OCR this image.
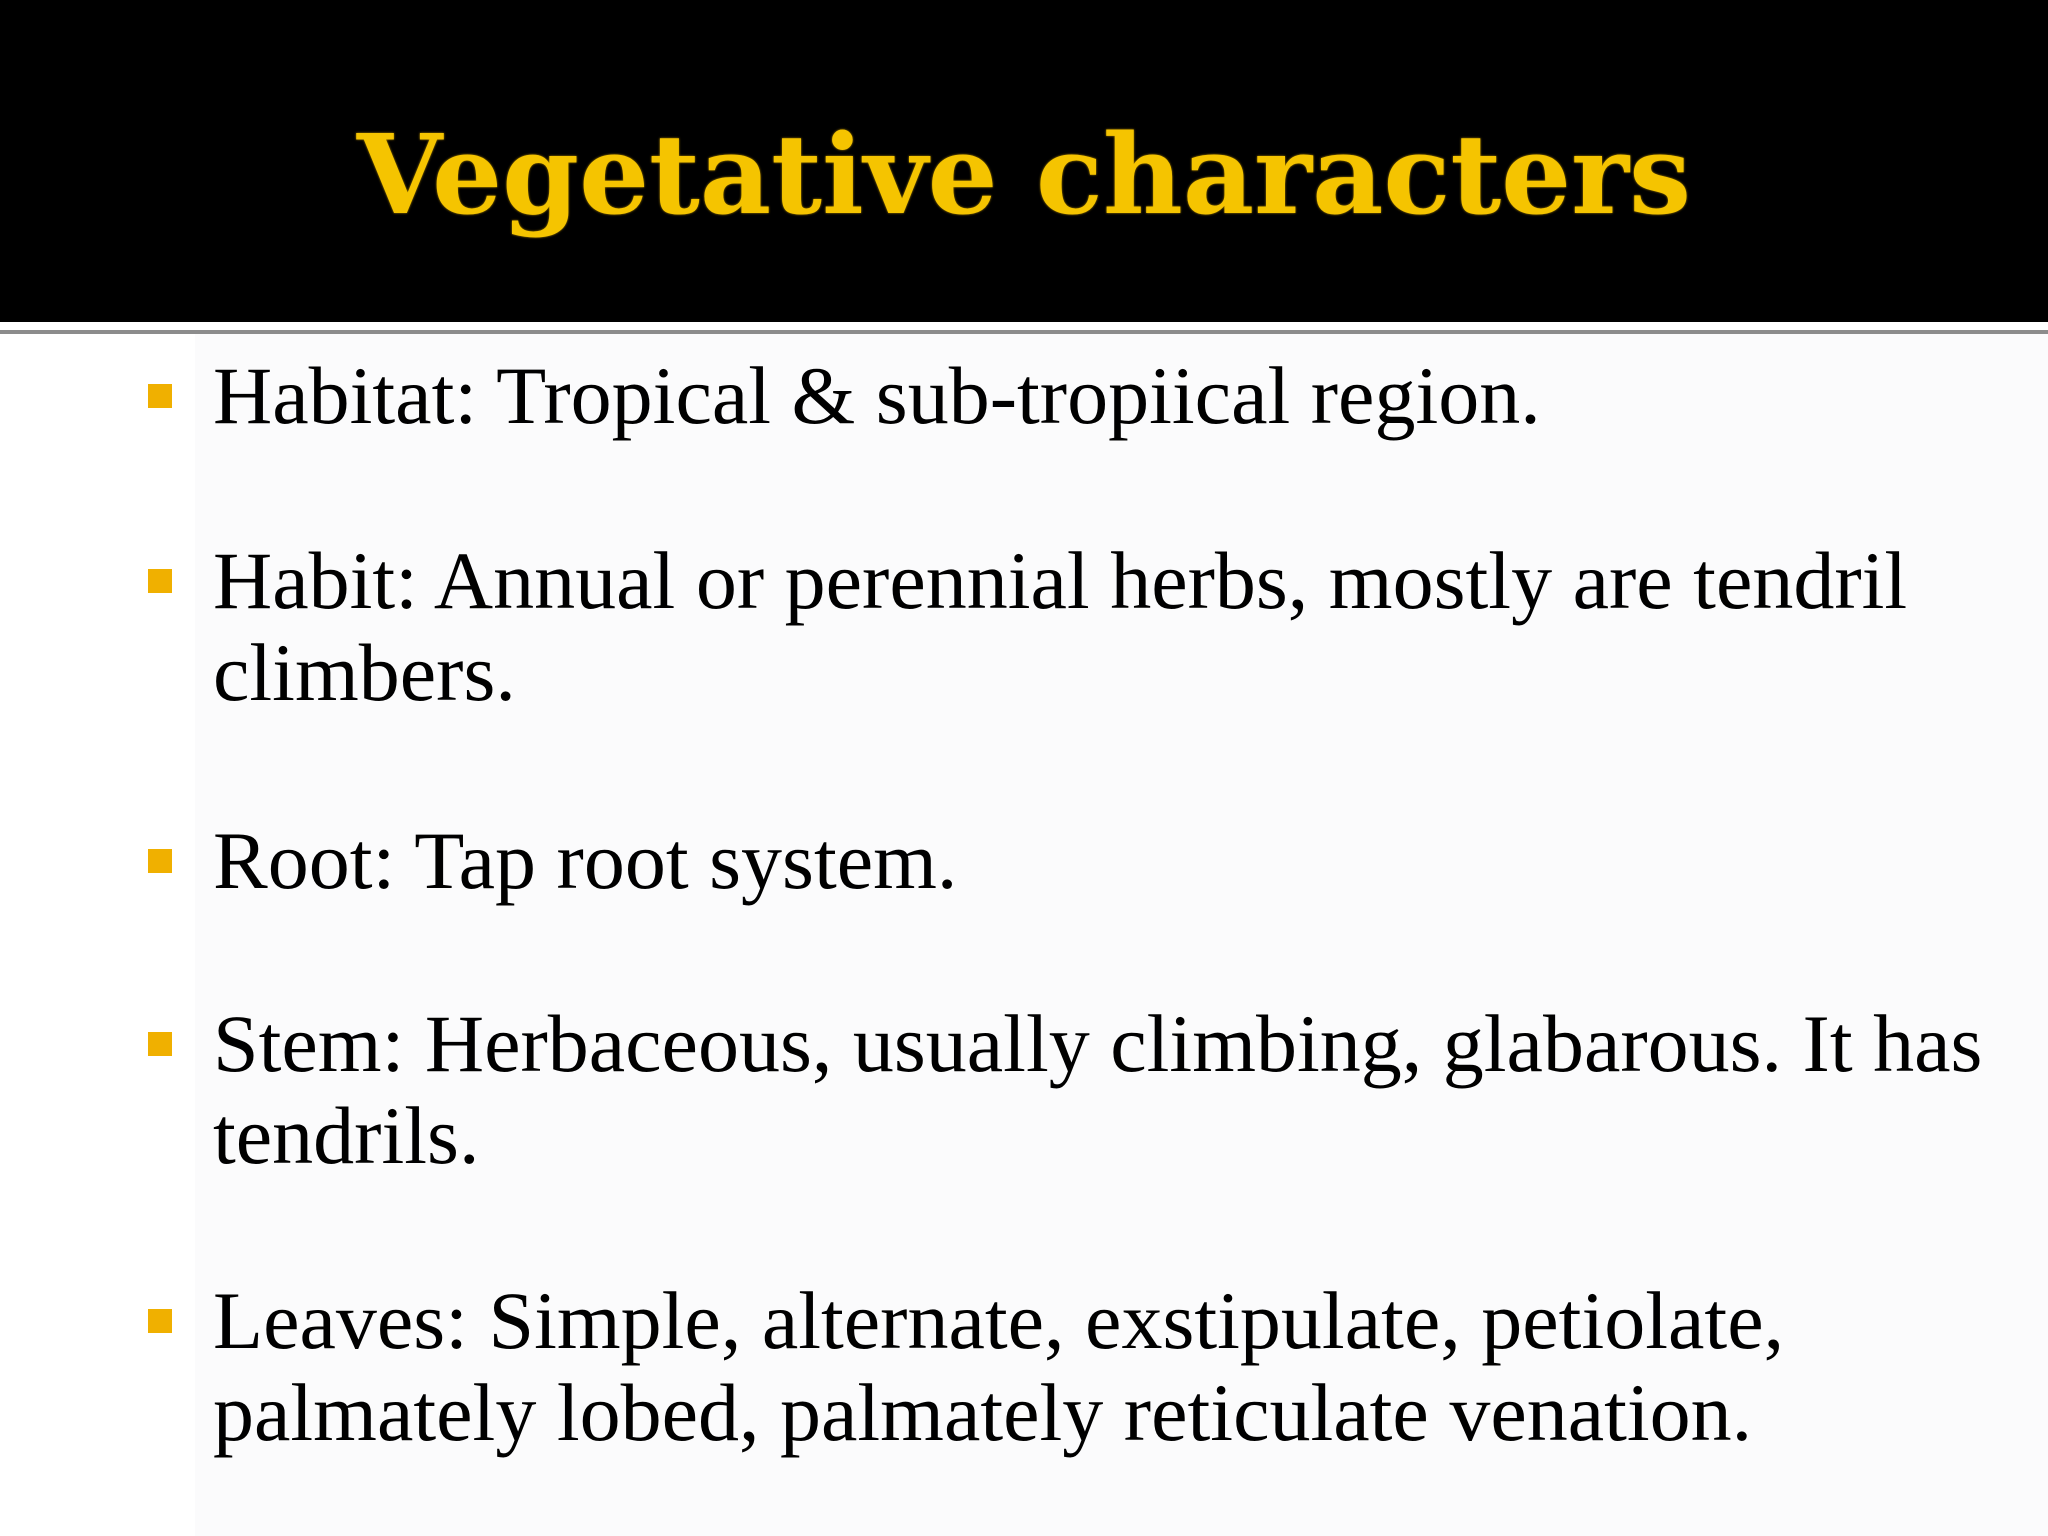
Vegetative characters
Habitat: Tropical & sub-tropiical region.
Habit: Annual or perennial herbs, mostly are tendril climbers.
Root: Tap root system.
Stem: Herbaceous, usually climbing, glabarous. It has tendrils.
Leaves: Simple, alternate, exstipulate, petiolate, palmately lobed, palmately reticulate venation.
